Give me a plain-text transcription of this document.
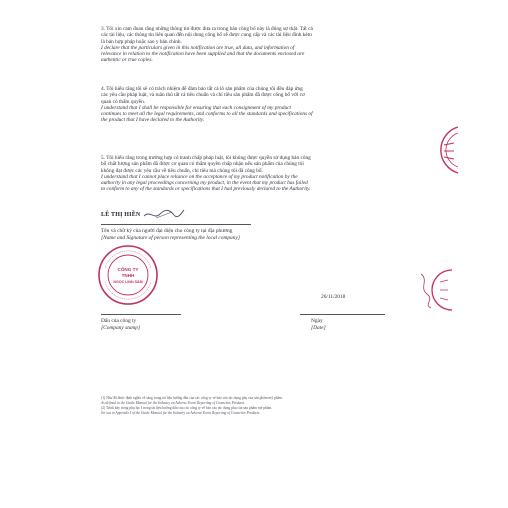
3. Tôi xin cam đoan rằng những thông tin được đưa ra trong bản công bố này là đúng sự thật. Tất cả
các tài liệu, các thông tin liên quan đến nội dung công bố sẽ được cung cấp và các tài liệu đính kèm
là bản hợp pháp hoặc sao y bản chính.
I declare that the particulars given in this notification are true, all data, and information of
relevance in relation to the notification have been supplied and that the documents enclosed are
authentic or true copies.
4. Tôi hiểu rằng tôi sẽ có trách nhiệm để đảm bảo tất cả lô sản phẩm của chúng tôi đều đáp ứng
các yêu cầu pháp luật, và tuân thủ tất cả tiêu chuẩn và chỉ tiêu sản phẩm đã được công bố với cơ
quan có thẩm quyền.
I understand that I shall be responsible for ensuring that each consignment of my product
continues to meet all the legal requirements, and conforms to all the standards and specifications of
the product that I have declared to the Authority.
5. Tôi hiểu rằng trong trường hợp có tranh chấp pháp luật, tôi không được quyền sử dụng bản công
bố chất lượng sản phẩm đã được cơ quan có thẩm quyền chấp nhận nếu sản phẩm của chúng tôi
không đạt được các yêu cầu về tiêu chuẩn, chỉ tiêu mà chúng tôi đã công bố.
I understand that I cannot place reliance on the acceptance of my product notification by the
authority in any legal proceedings concerning my product, in the event that my product has failed
to conform to any of the standards or specifications that I had previously declared to the Authority.
LÊ THỊ HIỀN
Tên và chữ ký của người đại diện cho công ty tại địa phương
[Name and Signature of person representing the local company]
CÔNG TY
TNHH
NGỌC LINH SÂM
26/11/2018
Dấu của công ty
[Company stamp]
Ngày
[Date]
(1) Như đã được định nghĩa về sáng trong tài liệu hướng dẫn của các công ty về báo cáo tác dụng phụ của sản phẩm mỹ phẩm.
As defined in the Guide Manual for the Industry on Adverse Event Reporting of Cosmetics Products
(2) Trình bày trong phụ lục I trong tài liệu hướng dẫn của các công ty về báo cáo tác dụng phụ của sản phẩm mỹ phẩm.
Set out in Appendix I of the Guide Manual for the Industry on Adverse Event Reporting of Cosmetics Products
